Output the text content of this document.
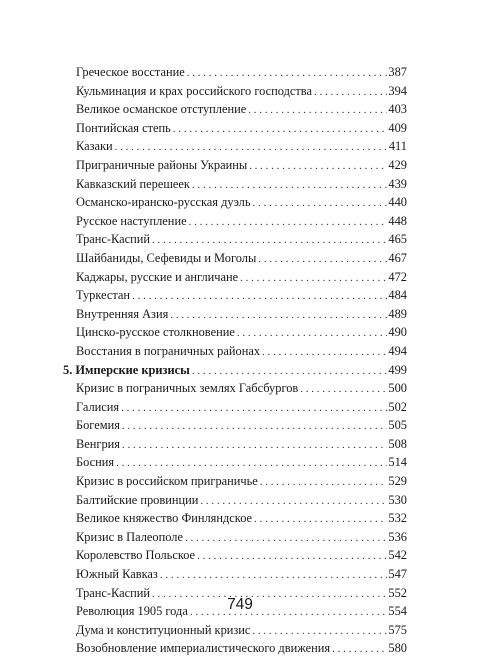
Греческое восстание . . .	387
Кульминация и крах российского господства . . .	394
Великое османское отступление . . .	403
Понтийская степь . . .	409
Казаки . . .	411
Приграничные районы Украины . . .	429
Кавказский перешеек . . .	439
Османско-иранско-русская дуэль . . .	440
Русское наступление . . .	448
Транс-Каспий . . .	465
Шайбаниды, Сефевиды и Моголы . . .	467
Каджары, русские и англичане . . .	472
Туркестан . . .	484
Внутренняя Азия . . .	489
Цинско-русское столкновение . . .	490
Восстания в пограничных районах . . .	494
5. Имперские кризисы . . .	499
Кризис в пограничных землях Габсбургов . . .	500
Галисия . . .	502
Богемия . . .	505
Венгрия . . .	508
Босния . . .	514
Кризис в российском приграничье . . .	529
Балтийские провинции . . .	530
Великое княжество Финляндское . . .	532
Кризис в Палеополе . . .	536
Королевство Польское . . .	542
Южный Кавказ . . .	547
Транс-Каспий . . .	552
Революция 1905 года . . .	554
Дума и конституционный кризис . . .	575
Возобновление империалистического движения . . .	580
749
